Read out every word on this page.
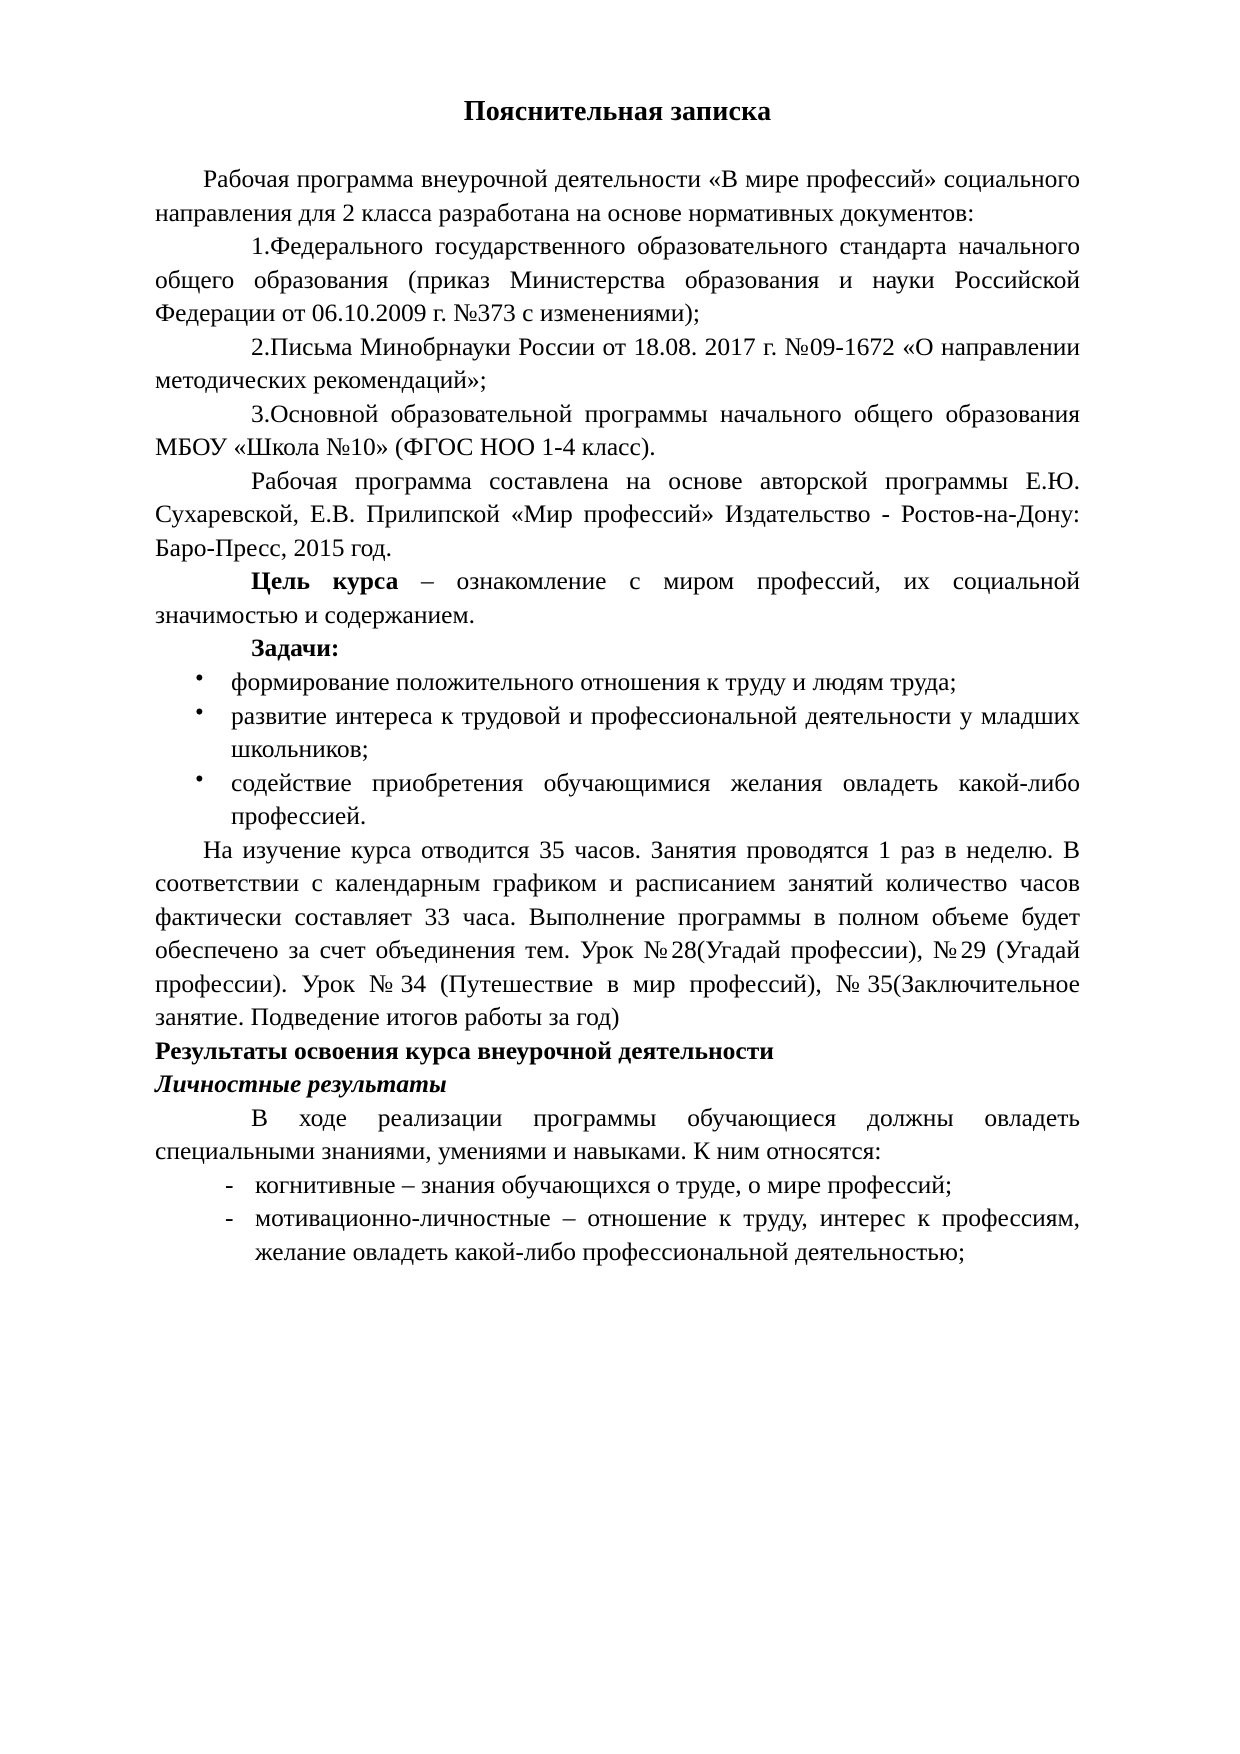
Пояснительная записка

Рабочая программа внеурочной деятельности «В мире профессий» социального направления для 2 класса разработана на основе нормативных документов:

1.Федерального государственного образовательного стандарта начального общего образования (приказ Министерства образования и науки Российской Федерации от 06.10.2009 г. №373 с изменениями);

2.Письма Минобрнауки России от 18.08. 2017 г. №09-1672 «О направлении методических рекомендаций»;

3.Основной образовательной программы начального общего образования МБОУ «Школа №10» (ФГОС НОО 1-4 класс).

Рабочая программа составлена на основе авторской программы Е.Ю. Сухаревской, Е.В. Прилипской «Мир профессий» Издательство - Ростов-на-Дону: Баро-Пресс, 2015 год.

Цель курса – ознакомление с миром профессий, их социальной значимостью и содержанием.

Задачи:

• формирование положительного отношения к труду и людям труда;
• развитие интереса к трудовой и профессиональной деятельности у младших школьников;
• содействие приобретения обучающимися желания овладеть какой-либо профессией.

На изучение курса отводится 35 часов. Занятия проводятся 1 раз в неделю. В соответствии с календарным графиком и расписанием занятий количество часов фактически составляет 33 часа. Выполнение программы в полном объеме будет обеспечено за счет объединения тем. Урок №28(Угадай профессии), №29 (Угадай профессии). Урок №34 (Путешествие в мир профессий), №35(Заключительное занятие. Подведение итогов работы за год)

Результаты освоения курса внеурочной деятельности

Личностные результаты

В ходе реализации программы обучающиеся должны овладеть специальными знаниями, умениями и навыками. К ним относятся:

- когнитивные – знания обучающихся о труде, о мире профессий;
- мотивационно-личностные – отношение к труду, интерес к профессиям, желание овладеть какой-либо профессиональной деятельностью;
